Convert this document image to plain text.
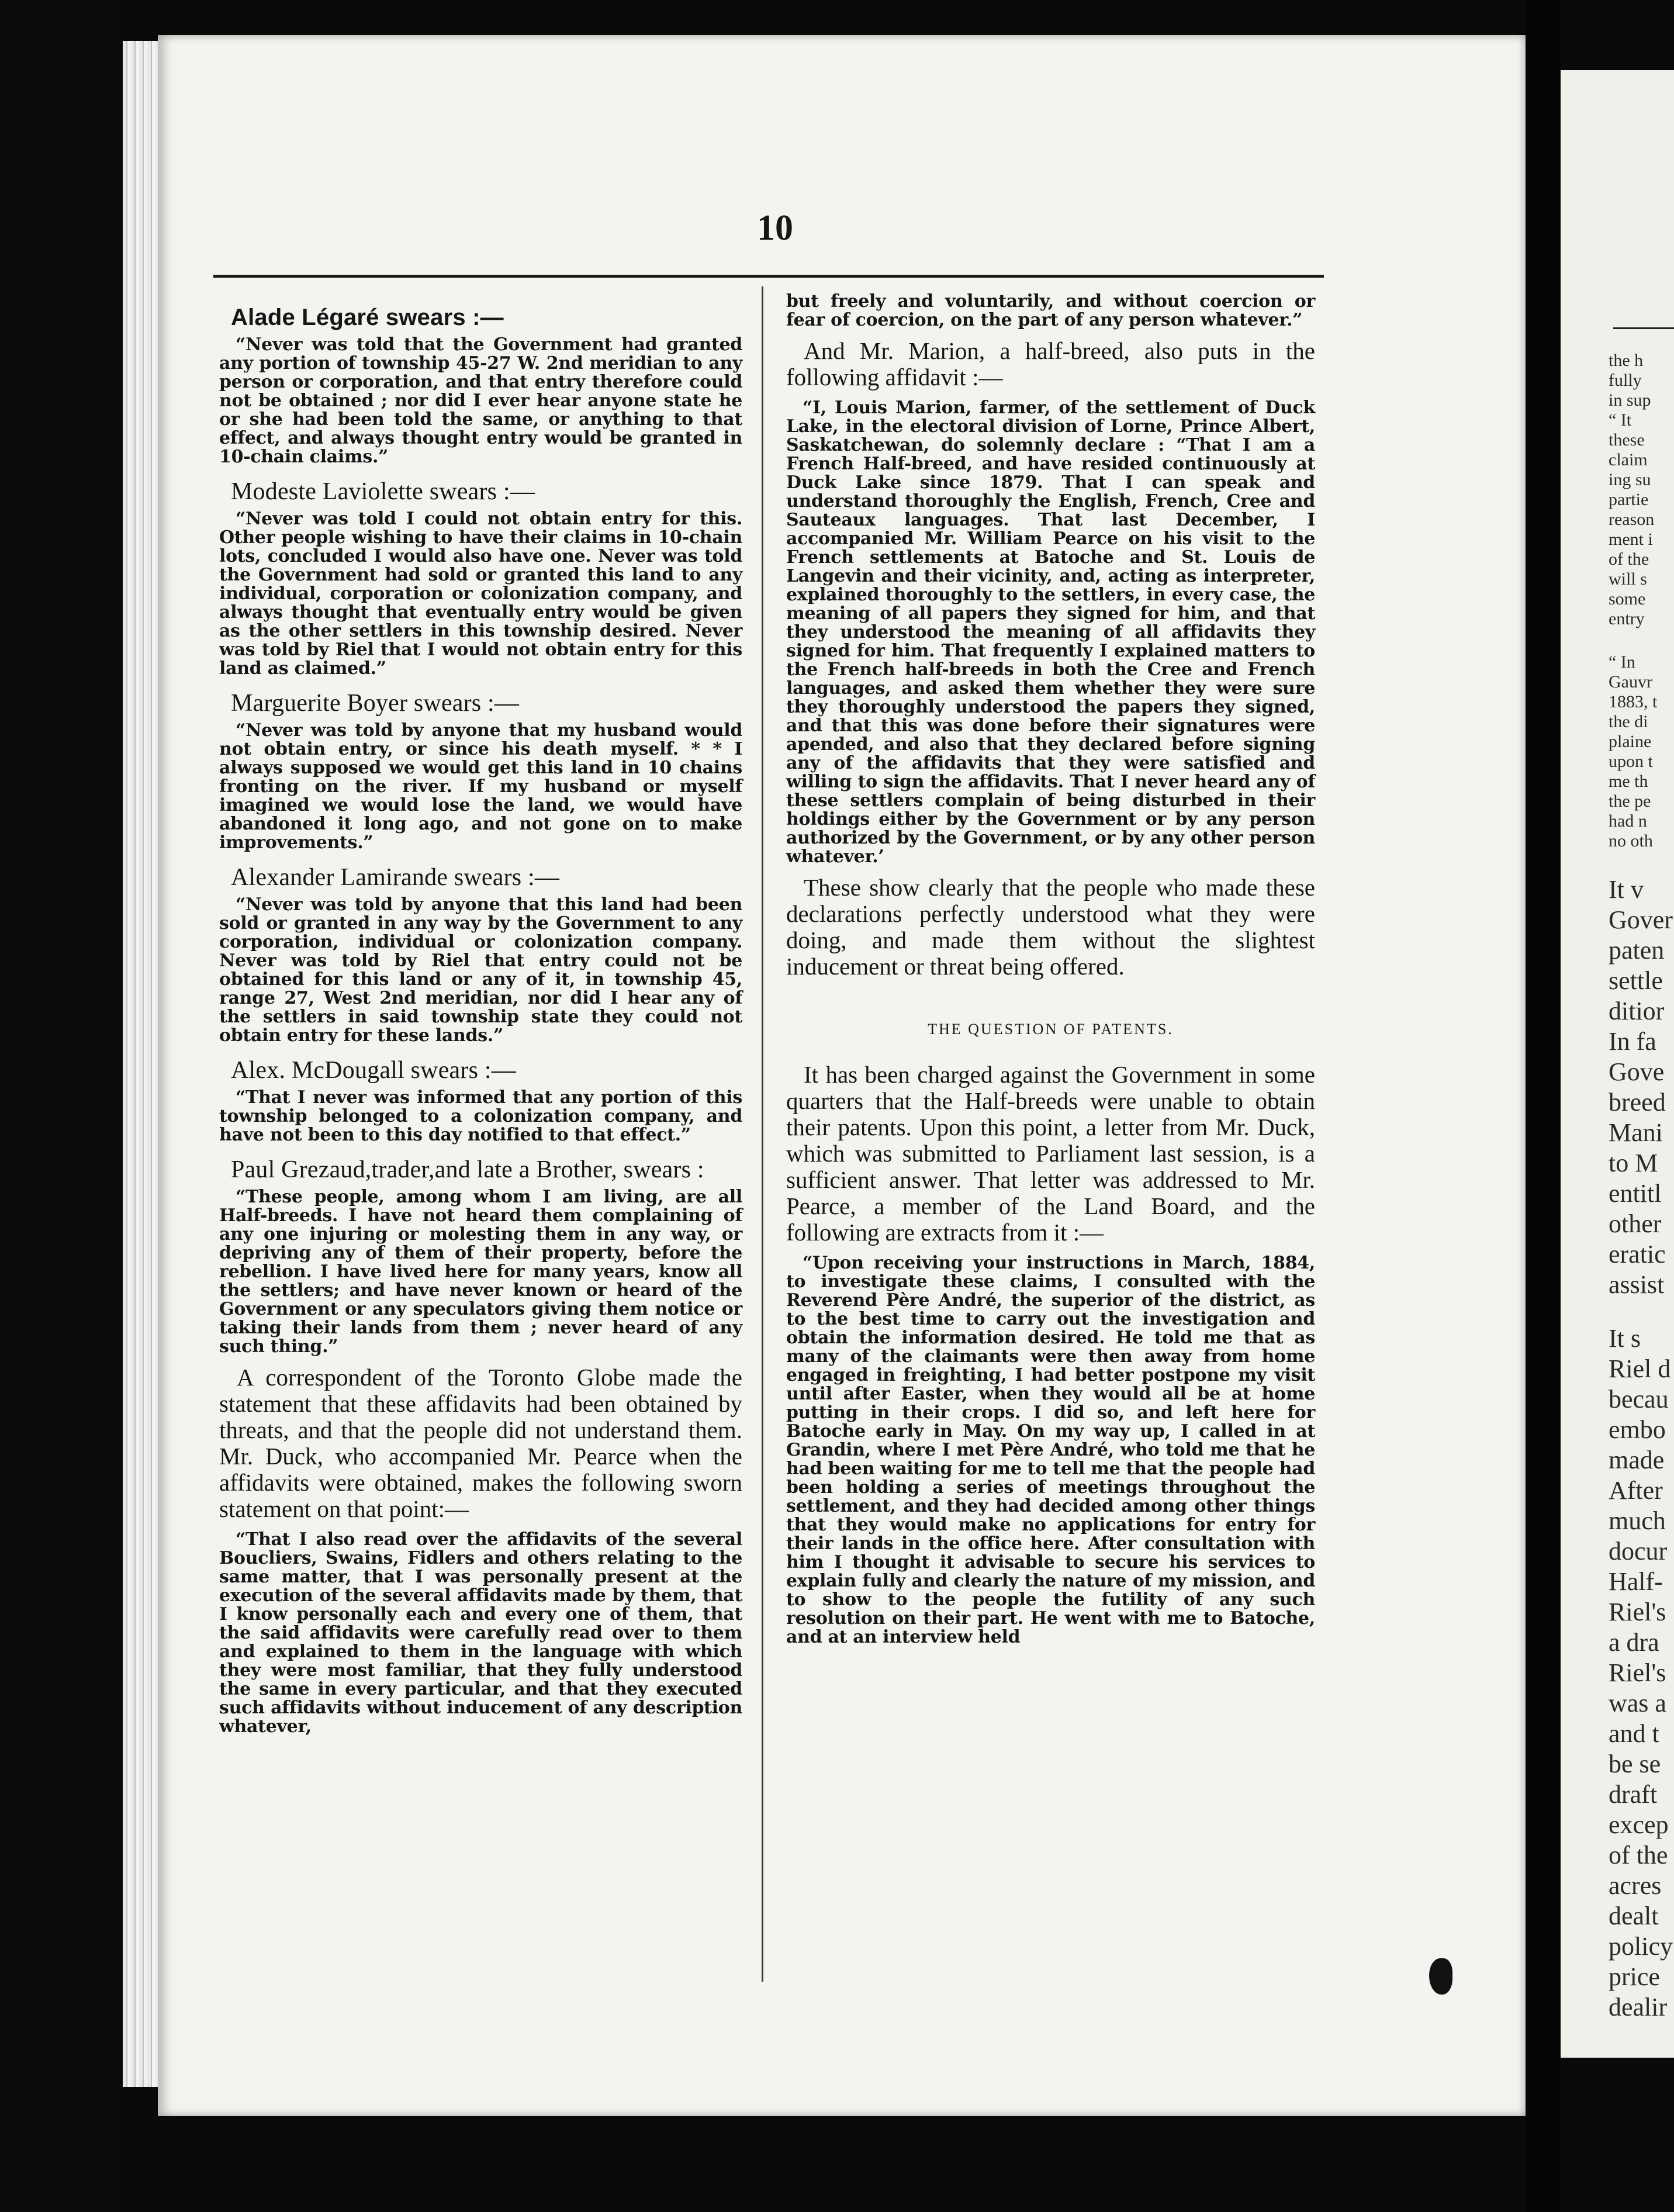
10

Alade Légaré swears :—

“Never was told that the Government had granted any portion of township 45-27 W. 2nd meridian to any person or corporation, and that entry therefore could not be obtained ; nor did I ever hear anyone state he or she had been told the same, or anything to that effect, and always thought entry would be granted in 10-chain claims.”

Modeste Laviolette swears :—

“Never was told I could not obtain entry for this. Other people wishing to have their claims in 10-chain lots, concluded I would also have one. Never was told the Government had sold or granted this land to any individual, corporation or colonization company, and always thought that eventually entry would be given as the other settlers in this township desired. Never was told by Riel that I would not obtain entry for this land as claimed.”

Marguerite Boyer swears :—

“Never was told by anyone that my husband would not obtain entry, or since his death myself. * * I always supposed we would get this land in 10 chains fronting on the river. If my husband or myself imagined we would lose the land, we would have abandoned it long ago, and not gone on to make improvements.”

Alexander Lamirande swears :—

“Never was told by anyone that this land had been sold or granted in any way by the Government to any corporation, individual or colonization company. Never was told by Riel that entry could not be obtained for this land or any of it, in township 45, range 27, West 2nd meridian, nor did I hear any of the settlers in said township state they could not obtain entry for these lands.”

Alex. McDougall swears :—

“That I never was informed that any portion of this township belonged to a colonization company, and have not been to this day notified to that effect.”

Paul Grezaud,trader,and late a Brother, swears :

“These people, among whom I am living, are all Half-breeds. I have not heard them complaining of any one injuring or molesting them in any way, or depriving any of them of their property, before the rebellion. I have lived here for many years, know all the settlers; and have never known or heard of the Government or any speculators giving them notice or taking their lands from them ; never heard of any such thing.”

A correspondent of the Toronto Globe made the statement that these affidavits had been obtained by threats, and that the people did not understand them. Mr. Duck, who accompanied Mr. Pearce when the affidavits were obtained, makes the following sworn statement on that point:—

“That I also read over the affidavits of the several Boucliers, Swains, Fidlers and others relating to the same matter, that I was personally present at the execution of the several affidavits made by them, that I know personally each and every one of them, that the said affidavits were carefully read over to them and explained to them in the language with which they were most familiar, that they fully understood the same in every particular, and that they executed such affidavits without inducement of any description whatever,

but freely and voluntarily, and without coercion or fear of coercion, on the part of any person whatever.”

And Mr. Marion, a half-breed, also puts in the following affidavit :—

“I, Louis Marion, farmer, of the settlement of Duck Lake, in the electoral division of Lorne, Prince Albert, Saskatchewan, do solemnly declare : “That I am a French Half-breed, and have resided continuously at Duck Lake since 1879. That I can speak and understand thoroughly the English, French, Cree and Sauteaux languages. That last December, I accompanied Mr. William Pearce on his visit to the French settlements at Batoche and St. Louis de Langevin and their vicinity, and, acting as interpreter, explained thoroughly to the settlers, in every case, the meaning of all papers they signed for him, and that they understood the meaning of all affidavits they signed for him. That frequently I explained matters to the French half-breeds in both the Cree and French languages, and asked them whether they were sure they thoroughly understood the papers they signed, and that this was done before their signatures were apended, and also that they declared before signing any of the affidavits that they were satisfied and willing to sign the affidavits. That I never heard any of these settlers complain of being disturbed in their holdings either by the Government or by any person authorized by the Government, or by any other person whatever.’

These show clearly that the people who made these declarations perfectly understood what they were doing, and made them without the slightest inducement or threat being offered.

THE QUESTION OF PATENTS.

It has been charged against the Government in some quarters that the Half-breeds were unable to obtain their patents. Upon this point, a letter from Mr. Duck, which was submitted to Parliament last session, is a sufficient answer. That letter was addressed to Mr. Pearce, a member of the Land Board, and the following are extracts from it :—

“Upon receiving your instructions in March, 1884, to investigate these claims, I consulted with the Reverend Père André, the superior of the district, as to the best time to carry out the investigation and obtain the information desired. He told me that as many of the claimants were then away from home engaged in freighting, I had better postpone my visit until after Easter, when they would all be at home putting in their crops. I did so, and left here for Batoche early in May. On my way up, I called in at Grandin, where I met Père André, who told me that he had been waiting for me to tell me that the people had been holding a series of meetings throughout the settlement, and they had decided among other things that they would make no applications for entry for their lands in the office here. After consultation with him I thought it advisable to secure his services to explain fully and clearly the nature of my mission, and to show to the people the futility of any such resolution on their part. He went with me to Batoche, and at an interview held

the h
fully
in sup
“ It
these
claim
ing su
partie
reason
ment i
of the
will s
some
entry
“ In
Gauvr
1883, t
the di
plaine
upon t
me th
the pe
had n
no oth
It v
Gover
paten
settle
ditior
In fa
Gove
breed
Mani
to M
entitl
other
eratic
assist
It s
Riel d
becau
embo
made
After
much
docur
Half-
Riel's
a dra
Riel's
was a
and t
be se
draft
excep
of the
acres
dealt
policy
price
dealir
